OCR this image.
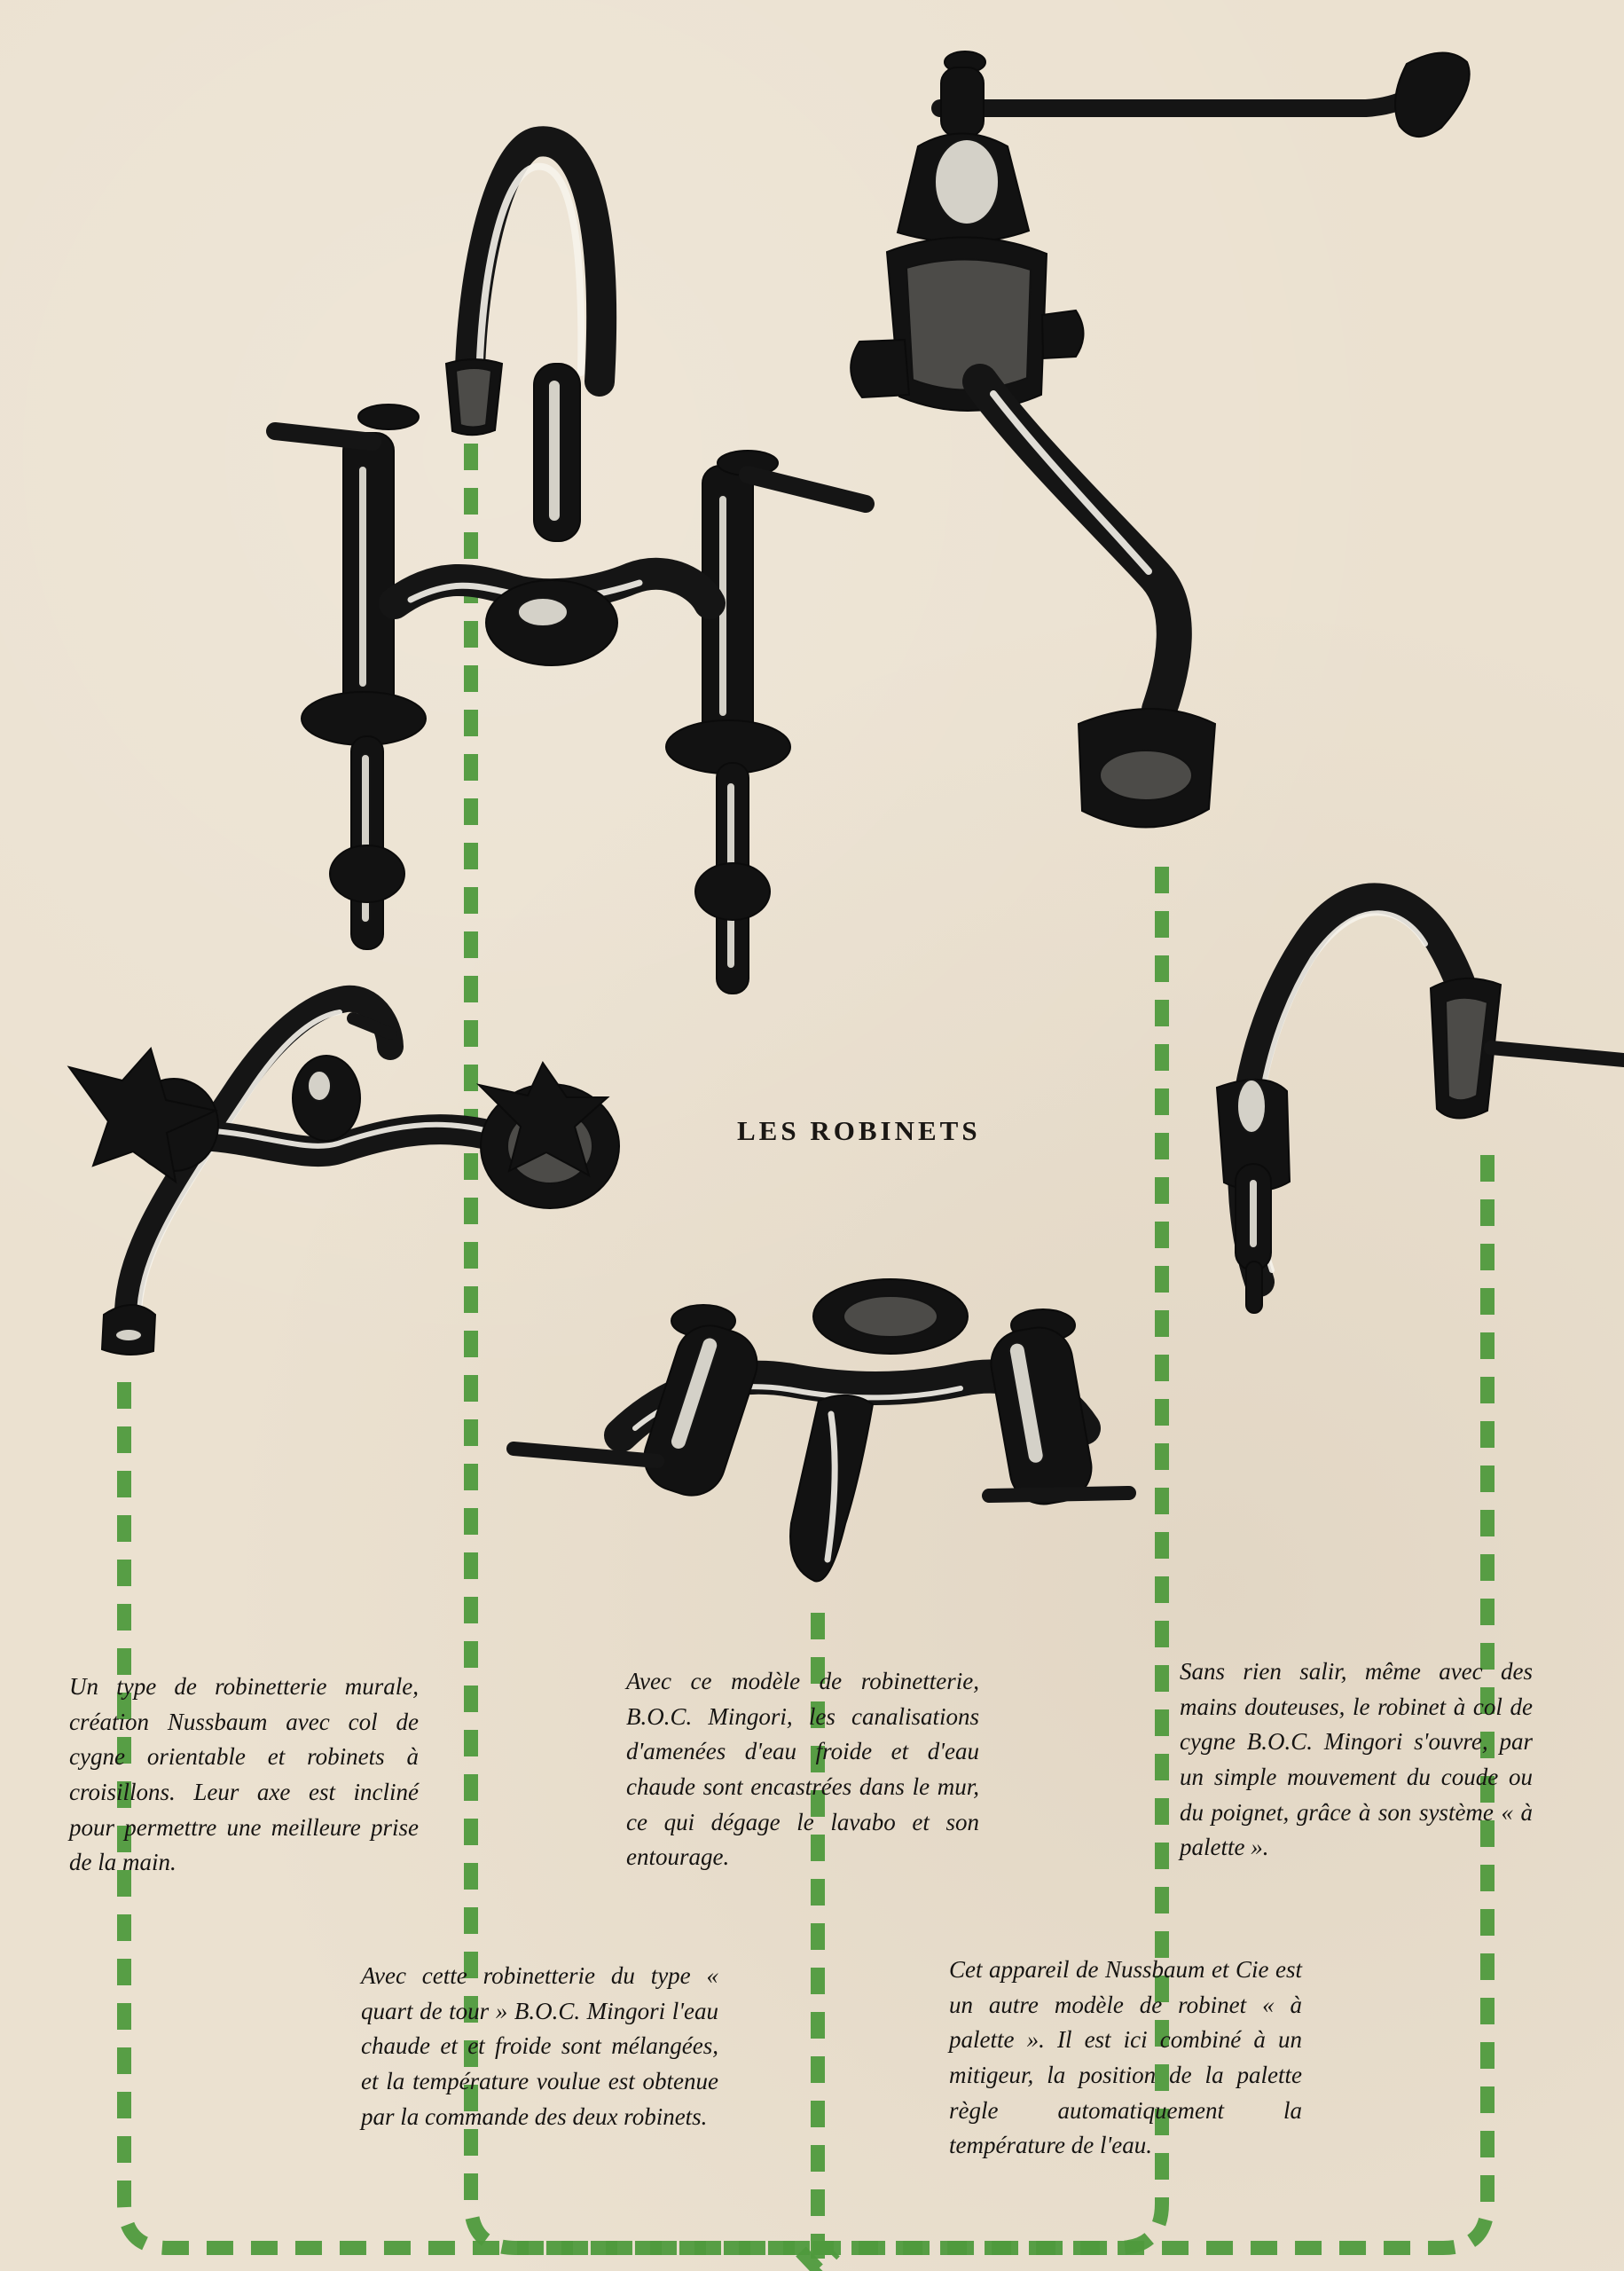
LES ROBINETS

Un type de robinetterie murale, création Nussbaum avec col de cygne orientable et robinets à croisillons. Leur axe est incliné pour permettre une meilleure prise de la main.

Avec ce modèle de robinetterie, B.O.C. Mingori, les canalisations d'amenées d'eau froide et d'eau chaude sont encastrées dans le mur, ce qui dégage le lavabo et son entourage.

Sans rien salir, même avec des mains douteuses, le robinet à col de cygne B.O.C. Mingori s'ouvre, par un simple mouvement du coude ou du poignet, grâce à son système « à palette ».

Avec cette robinetterie du type « quart de tour » B.O.C. Mingori l'eau chaude et et froide sont mélangées, et la température voulue est obtenue par la commande des deux robinets.

Cet appareil de Nussbaum et Cie est un autre modèle de robinet « à palette ». Il est ici combiné à un mitigeur, la position de la palette règle automatiquement la température de l'eau.
